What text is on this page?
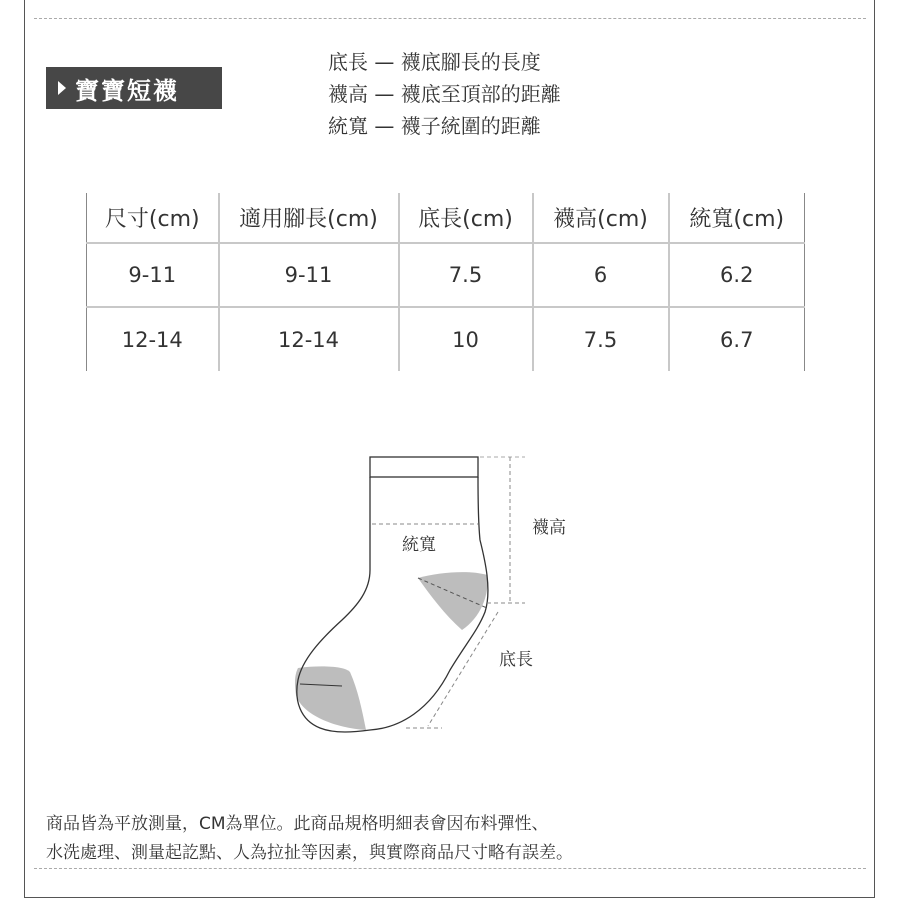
寶寶短襪
底長 — 襪底腳長的長度
襪高 — 襪底至頂部的距離
統寬 — 襪子統圍的距離
尺寸(cm)	適用腳長(cm)	底長(cm)	襪高(cm)	統寬(cm)
9-11	9-11	7.5	6	6.2
12-14	12-14	10	7.5	6.7
統寬
襪高
底長
商品皆為平放測量，CM為單位。此商品規格明細表會因布料彈性、
水洗處理、測量起訖點、人為拉扯等因素，與實際商品尺寸略有誤差。
